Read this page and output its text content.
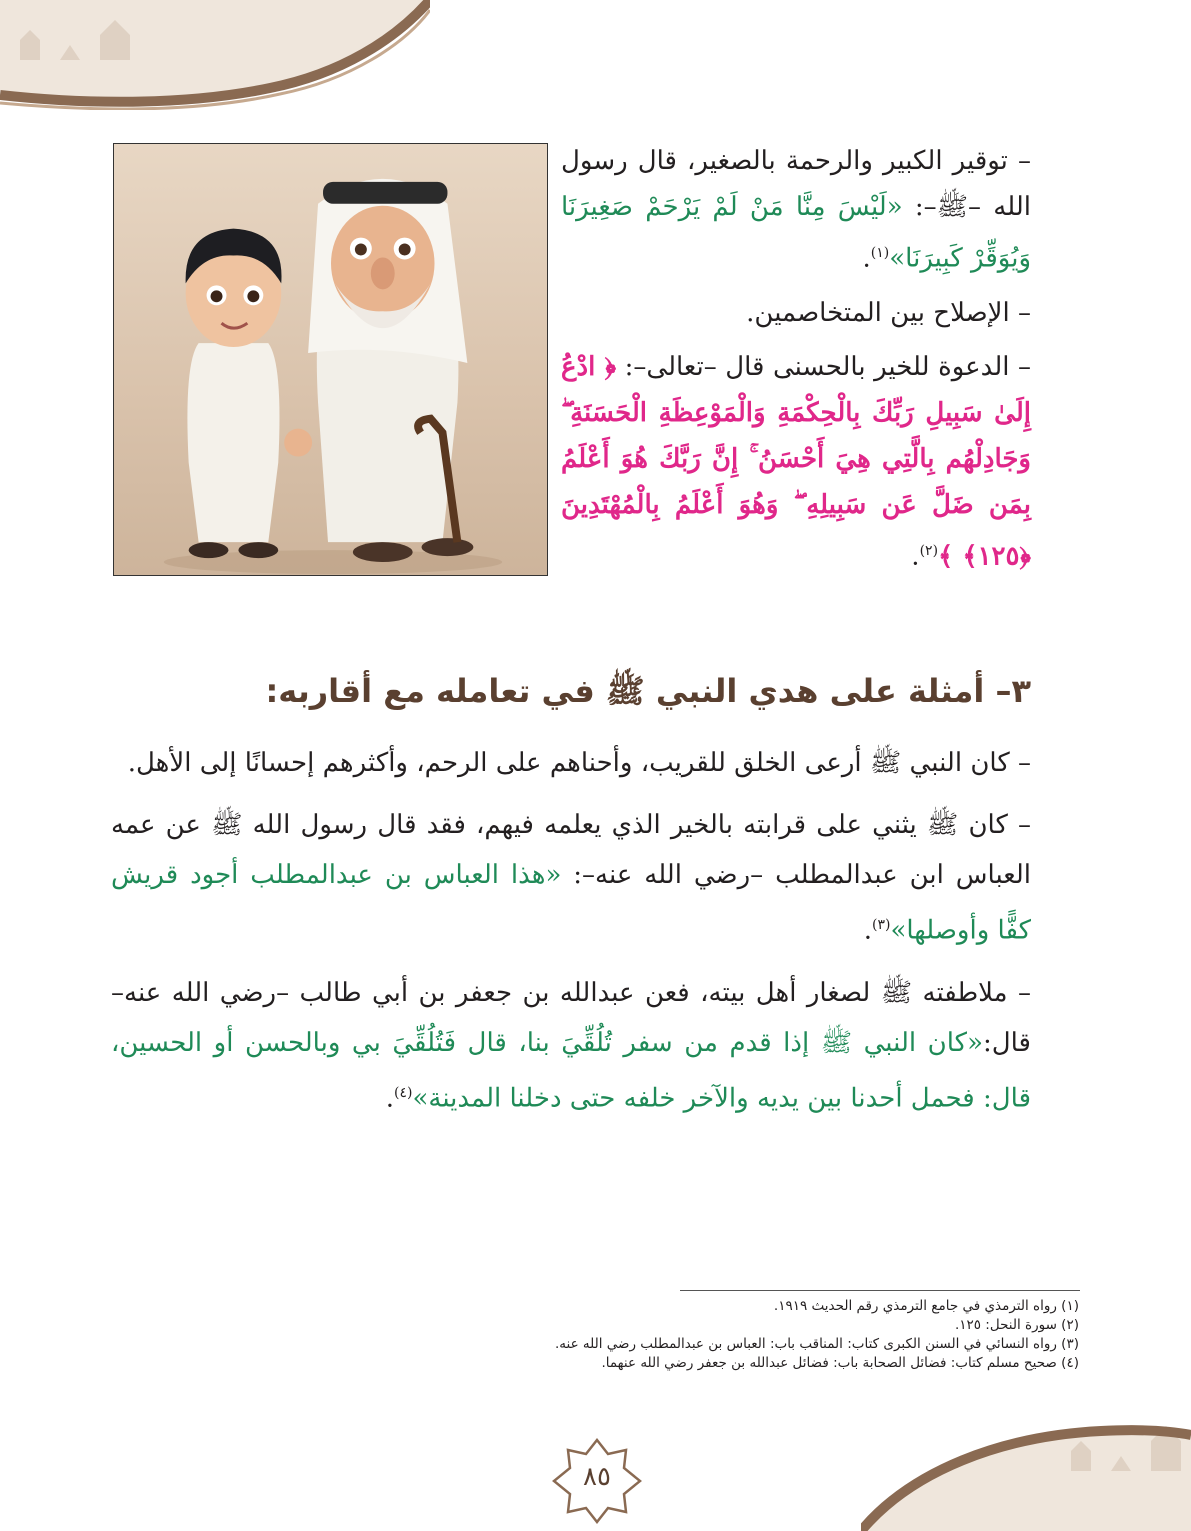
– توقير الكبير والرحمة بالصغير، قال رسول الله –ﷺ–: «لَيْسَ مِنَّا مَنْ لَمْ يَرْحَمْ صَغِيرَنَا وَيُوَقِّرْ كَبِيرَنَا»$^{(١)}$.

– الإصلاح بين المتخاصمين.

– الدعوة للخير بالحسنى قال –تعالى–: ﴿ ادْعُ إِلَىٰ سَبِيلِ رَبِّكَ بِالْحِكْمَةِ وَالْمَوْعِظَةِ الْحَسَنَةِ ۖ وَجَادِلْهُم بِالَّتِي هِيَ أَحْسَنُ ۚ إِنَّ رَبَّكَ هُوَ أَعْلَمُ بِمَن ضَلَّ عَن سَبِيلِهِ ۖ وَهُوَ أَعْلَمُ بِالْمُهْتَدِينَ ﴿١٢٥﴾ ﴾$^{(٢)}$.

٣– أمثلة على هدي النبي ﷺ في تعامله مع أقاربه:

– كان النبي ﷺ أرعى الخلق للقريب، وأحناهم على الرحم، وأكثرهم إحسانًا إلى الأهل.

– كان ﷺ يثني على قرابته بالخير الذي يعلمه فيهم، فقد قال رسول الله ﷺ عن عمه العباس ابن عبدالمطلب –رضي الله عنه–: «هذا العباس بن عبدالمطلب أجود قريش كفًّا وأوصلها»$^{(٣)}$.

– ملاطفته ﷺ لصغار أهل بيته، فعن عبدالله بن جعفر بن أبي طالب –رضي الله عنه– قال:«كان النبي ﷺ إذا قدم من سفر تُلُقِّيَ بنا، قال فَتُلُقِّيَ بي وبالحسن أو الحسين، قال: فحمل أحدنا بين يديه والآخر خلفه حتى دخلنا المدينة»$^{(٤)}$.

(١) رواه الترمذي في جامع الترمذي رقم الحديث ١٩١٩.
(٢) سورة النحل: ١٢٥.
(٣) رواه النسائي في السنن الكبرى كتاب: المناقب باب: العباس بن عبدالمطلب رضي الله عنه.
(٤) صحيح مسلم كتاب: فضائل الصحابة باب: فضائل عبدالله بن جعفر رضي الله عنهما.
٨٥
